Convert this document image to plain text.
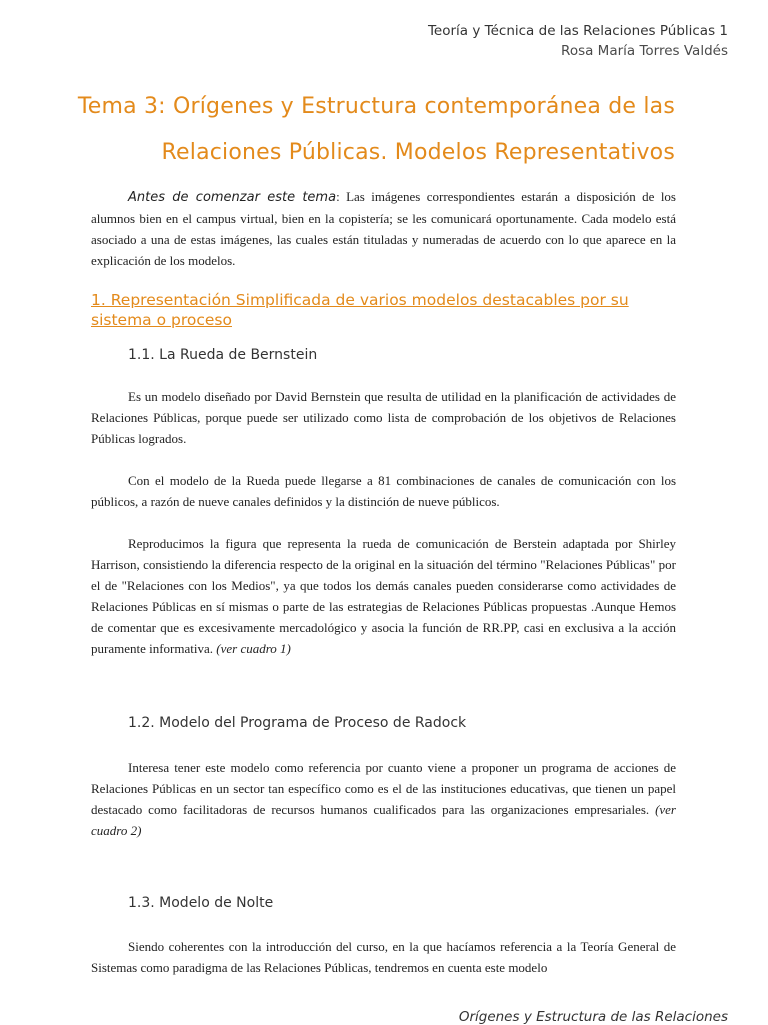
Teoría y Técnica de las Relaciones Públicas 1
Rosa María Torres Valdés
Tema 3: Orígenes y Estructura contemporánea de las
Relaciones Públicas. Modelos Representativos

Antes de comenzar este tema: Las imágenes correspondientes estarán a disposición de los alumnos bien en el campus virtual, bien en la copistería; se les comunicará oportunamente. Cada modelo está asociado a una de estas imágenes, las cuales están tituladas y numeradas de acuerdo con lo que aparece en la explicación de los modelos.

1. Representación Simplificada de varios modelos destacables por su sistema o proceso
1.1. La Rueda de Bernstein

Es un modelo diseñado por David Bernstein que resulta de utilidad en la planificación de actividades de Relaciones Públicas, porque puede ser utilizado como lista de comprobación de los objetivos de Relaciones Públicas logrados.

Con el modelo de la Rueda puede llegarse a 81 combinaciones de canales de comunicación con los públicos, a razón de nueve canales definidos y la distinción de nueve públicos.

Reproducimos la figura que representa la rueda de comunicación de Berstein adaptada por Shirley Harrison, consistiendo la diferencia respecto de la original en la situación del término "Relaciones Públicas" por el de "Relaciones con los Medios", ya que todos los demás canales pueden considerarse como actividades de Relaciones Públicas en sí mismas o parte de las estrategias de Relaciones Públicas propuestas .Aunque Hemos de comentar que es excesivamente mercadológico y asocia la función de RR.PP, casi en exclusiva a la acción puramente informativa. (ver cuadro 1)

1.2. Modelo del Programa de Proceso de Radock

Interesa tener este modelo como referencia por cuanto viene a proponer un programa de acciones de Relaciones Públicas en un sector tan específico como es el de las instituciones educativas, que tienen un papel destacado como facilitadoras de recursos humanos cualificados para las organizaciones empresariales. (ver cuadro 2)

1.3. Modelo de Nolte

Siendo coherentes con la introducción del curso, en la que hacíamos referencia a la Teoría General de Sistemas como paradigma de las Relaciones Públicas, tendremos en cuenta este modelo

Orígenes y Estructura de las Relaciones
